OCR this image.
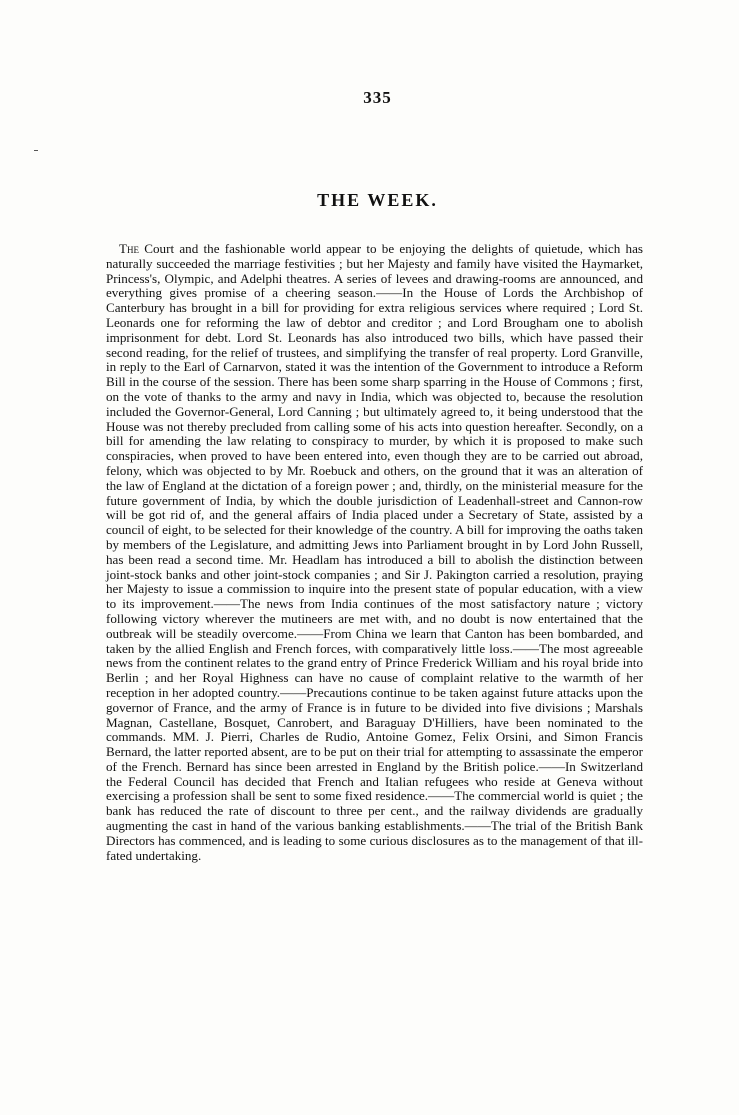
335
THE WEEK.

The Court and the fashionable world appear to be enjoying the delights of quietude, which has naturally succeeded the marriage festivities ; but her Majesty and family have visited the Haymarket, Princess's, Olympic, and Adelphi theatres. A series of levees and drawing-rooms are announced, and everything gives promise of a cheering season.——In the House of Lords the Archbishop of Canterbury has brought in a bill for providing for extra religious services where required ; Lord St. Leonards one for reforming the law of debtor and creditor ; and Lord Brougham one to abolish imprisonment for debt. Lord St. Leonards has also introduced two bills, which have passed their second reading, for the relief of trustees, and simplifying the transfer of real property. Lord Granville, in reply to the Earl of Carnarvon, stated it was the intention of the Government to introduce a Reform Bill in the course of the session. There has been some sharp sparring in the House of Commons ; first, on the vote of thanks to the army and navy in India, which was objected to, because the resolution included the Governor-General, Lord Canning ; but ultimately agreed to, it being understood that the House was not thereby precluded from calling some of his acts into question hereafter. Secondly, on a bill for amending the law relating to conspiracy to murder, by which it is proposed to make such conspiracies, when proved to have been entered into, even though they are to be carried out abroad, felony, which was objected to by Mr. Roebuck and others, on the ground that it was an alteration of the law of England at the dictation of a foreign power ; and, thirdly, on the ministerial measure for the future government of India, by which the double jurisdiction of Leadenhall-street and Cannon-row will be got rid of, and the general affairs of India placed under a Secretary of State, assisted by a council of eight, to be selected for their knowledge of the country. A bill for improving the oaths taken by members of the Legislature, and admitting Jews into Parliament brought in by Lord John Russell, has been read a second time. Mr. Headlam has introduced a bill to abolish the distinction between joint-stock banks and other joint-stock companies ; and Sir J. Pakington carried a resolution, praying her Majesty to issue a commission to inquire into the present state of popular education, with a view to its improvement.——The news from India continues of the most satisfactory nature ; victory following victory wherever the mutineers are met with, and no doubt is now entertained that the outbreak will be steadily overcome.——From China we learn that Canton has been bombarded, and taken by the allied English and French forces, with comparatively little loss.——The most agreeable news from the continent relates to the grand entry of Prince Frederick William and his royal bride into Berlin ; and her Royal Highness can have no cause of complaint relative to the warmth of her reception in her adopted country.——Precautions continue to be taken against future attacks upon the governor of France, and the army of France is in future to be divided into five divisions ; Marshals Magnan, Castellane, Bosquet, Canrobert, and Baraguay D'Hilliers, have been nominated to the commands. MM. J. Pierri, Charles de Rudio, Antoine Gomez, Felix Orsini, and Simon Francis Bernard, the latter reported absent, are to be put on their trial for attempting to assassinate the emperor of the French. Bernard has since been arrested in England by the British police.——In Switzerland the Federal Council has decided that French and Italian refugees who reside at Geneva without exercising a profession shall be sent to some fixed residence.——The commercial world is quiet ; the bank has reduced the rate of discount to three per cent., and the railway dividends are gradually augmenting the cast in hand of the various banking establishments.——The trial of the British Bank Directors has commenced, and is leading to some curious disclosures as to the management of that ill-fated undertaking.
